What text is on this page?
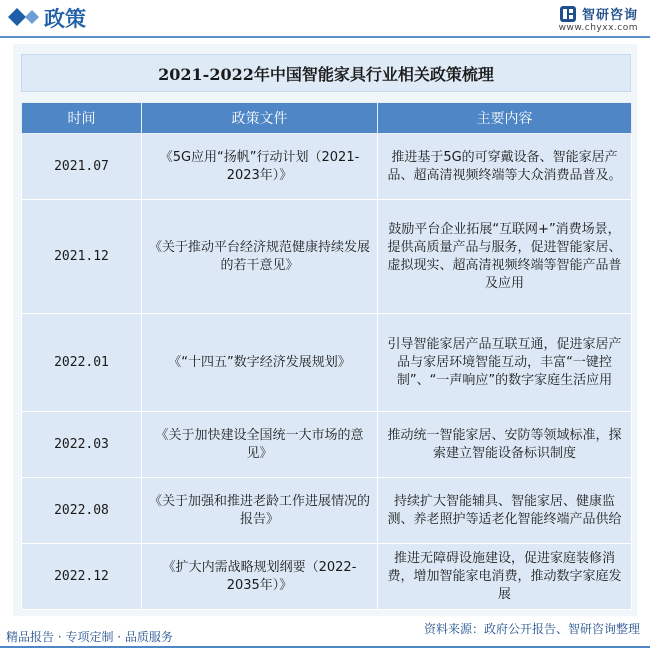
政策	智研咨询
www.chyxx.com
2021-2022年中国智能家具行业相关政策梳理
时间	政策文件	主要内容
2021.07	《5G应用“扬帆”行动计划（2021-2023年）》	推进基于5G的可穿戴设备、智能家居产品、超高清视频终端等大众消费品普及。
2021.12	《关于推动平台经济规范健康持续发展的若干意见》	鼓励平台企业拓展“互联网+”消费场景，提供高质量产品与服务，促进智能家居、虚拟现实、超高清视频终端等智能产品普及应用
2022.01	《“十四五”数字经济发展规划》	引导智能家居产品互联互通，促进家居产品与家居环境智能互动，丰富“一键控制”、“一声响应”的数字家庭生活应用
2022.03	《关于加快建设全国统一大市场的意见》	推动统一智能家居、安防等领域标准，探索建立智能设备标识制度
2022.08	《关于加强和推进老龄工作进展情况的报告》	持续扩大智能辅具、智能家居、健康监测、养老照护等适老化智能终端产品供给
2022.12	《扩大内需战略规划纲要（2022-2035年）》	推进无障碍设施建设，促进家庭装修消费，增加智能家电消费，推动数字家庭发展
精品报告 · 专项定制 · 品质服务
资料来源：政府公开报告、智研咨询整理
